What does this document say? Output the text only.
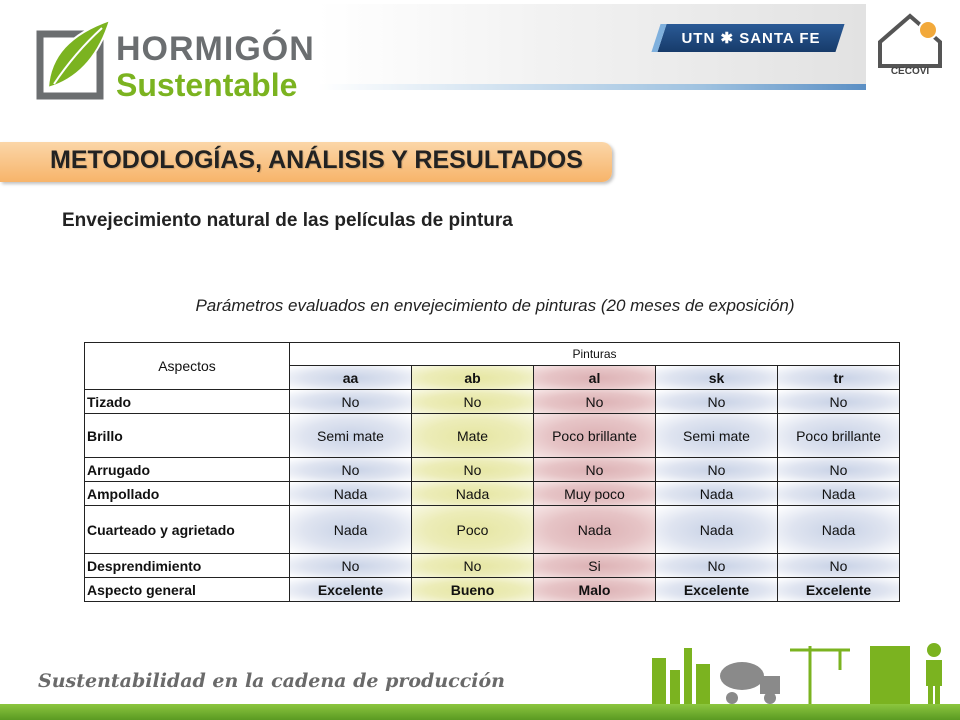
HORMIGÓN
Sustentable
UTN ✱ SANTA FE
CECOVI
METODOLOGÍAS, ANÁLISIS Y RESULTADOS
Envejecimiento natural de las películas de pintura
Parámetros evaluados en envejecimiento de pinturas (20 meses de exposición)
Aspectos	Pinturas				
	aa	ab	al	sk	tr
Tizado	No	No	No	No	No
Brillo	Semi mate	Mate	Poco brillante	Semi mate	Poco brillante
Arrugado	No	No	No	No	No
Ampollado	Nada	Nada	Muy poco	Nada	Nada
Cuarteado y agrietado	Nada	Poco	Nada	Nada	Nada
Desprendimiento	No	No	Si	No	No
Aspecto general	Excelente	Bueno	Malo	Excelente	Excelente
Sustentabilidad en la cadena de producción
